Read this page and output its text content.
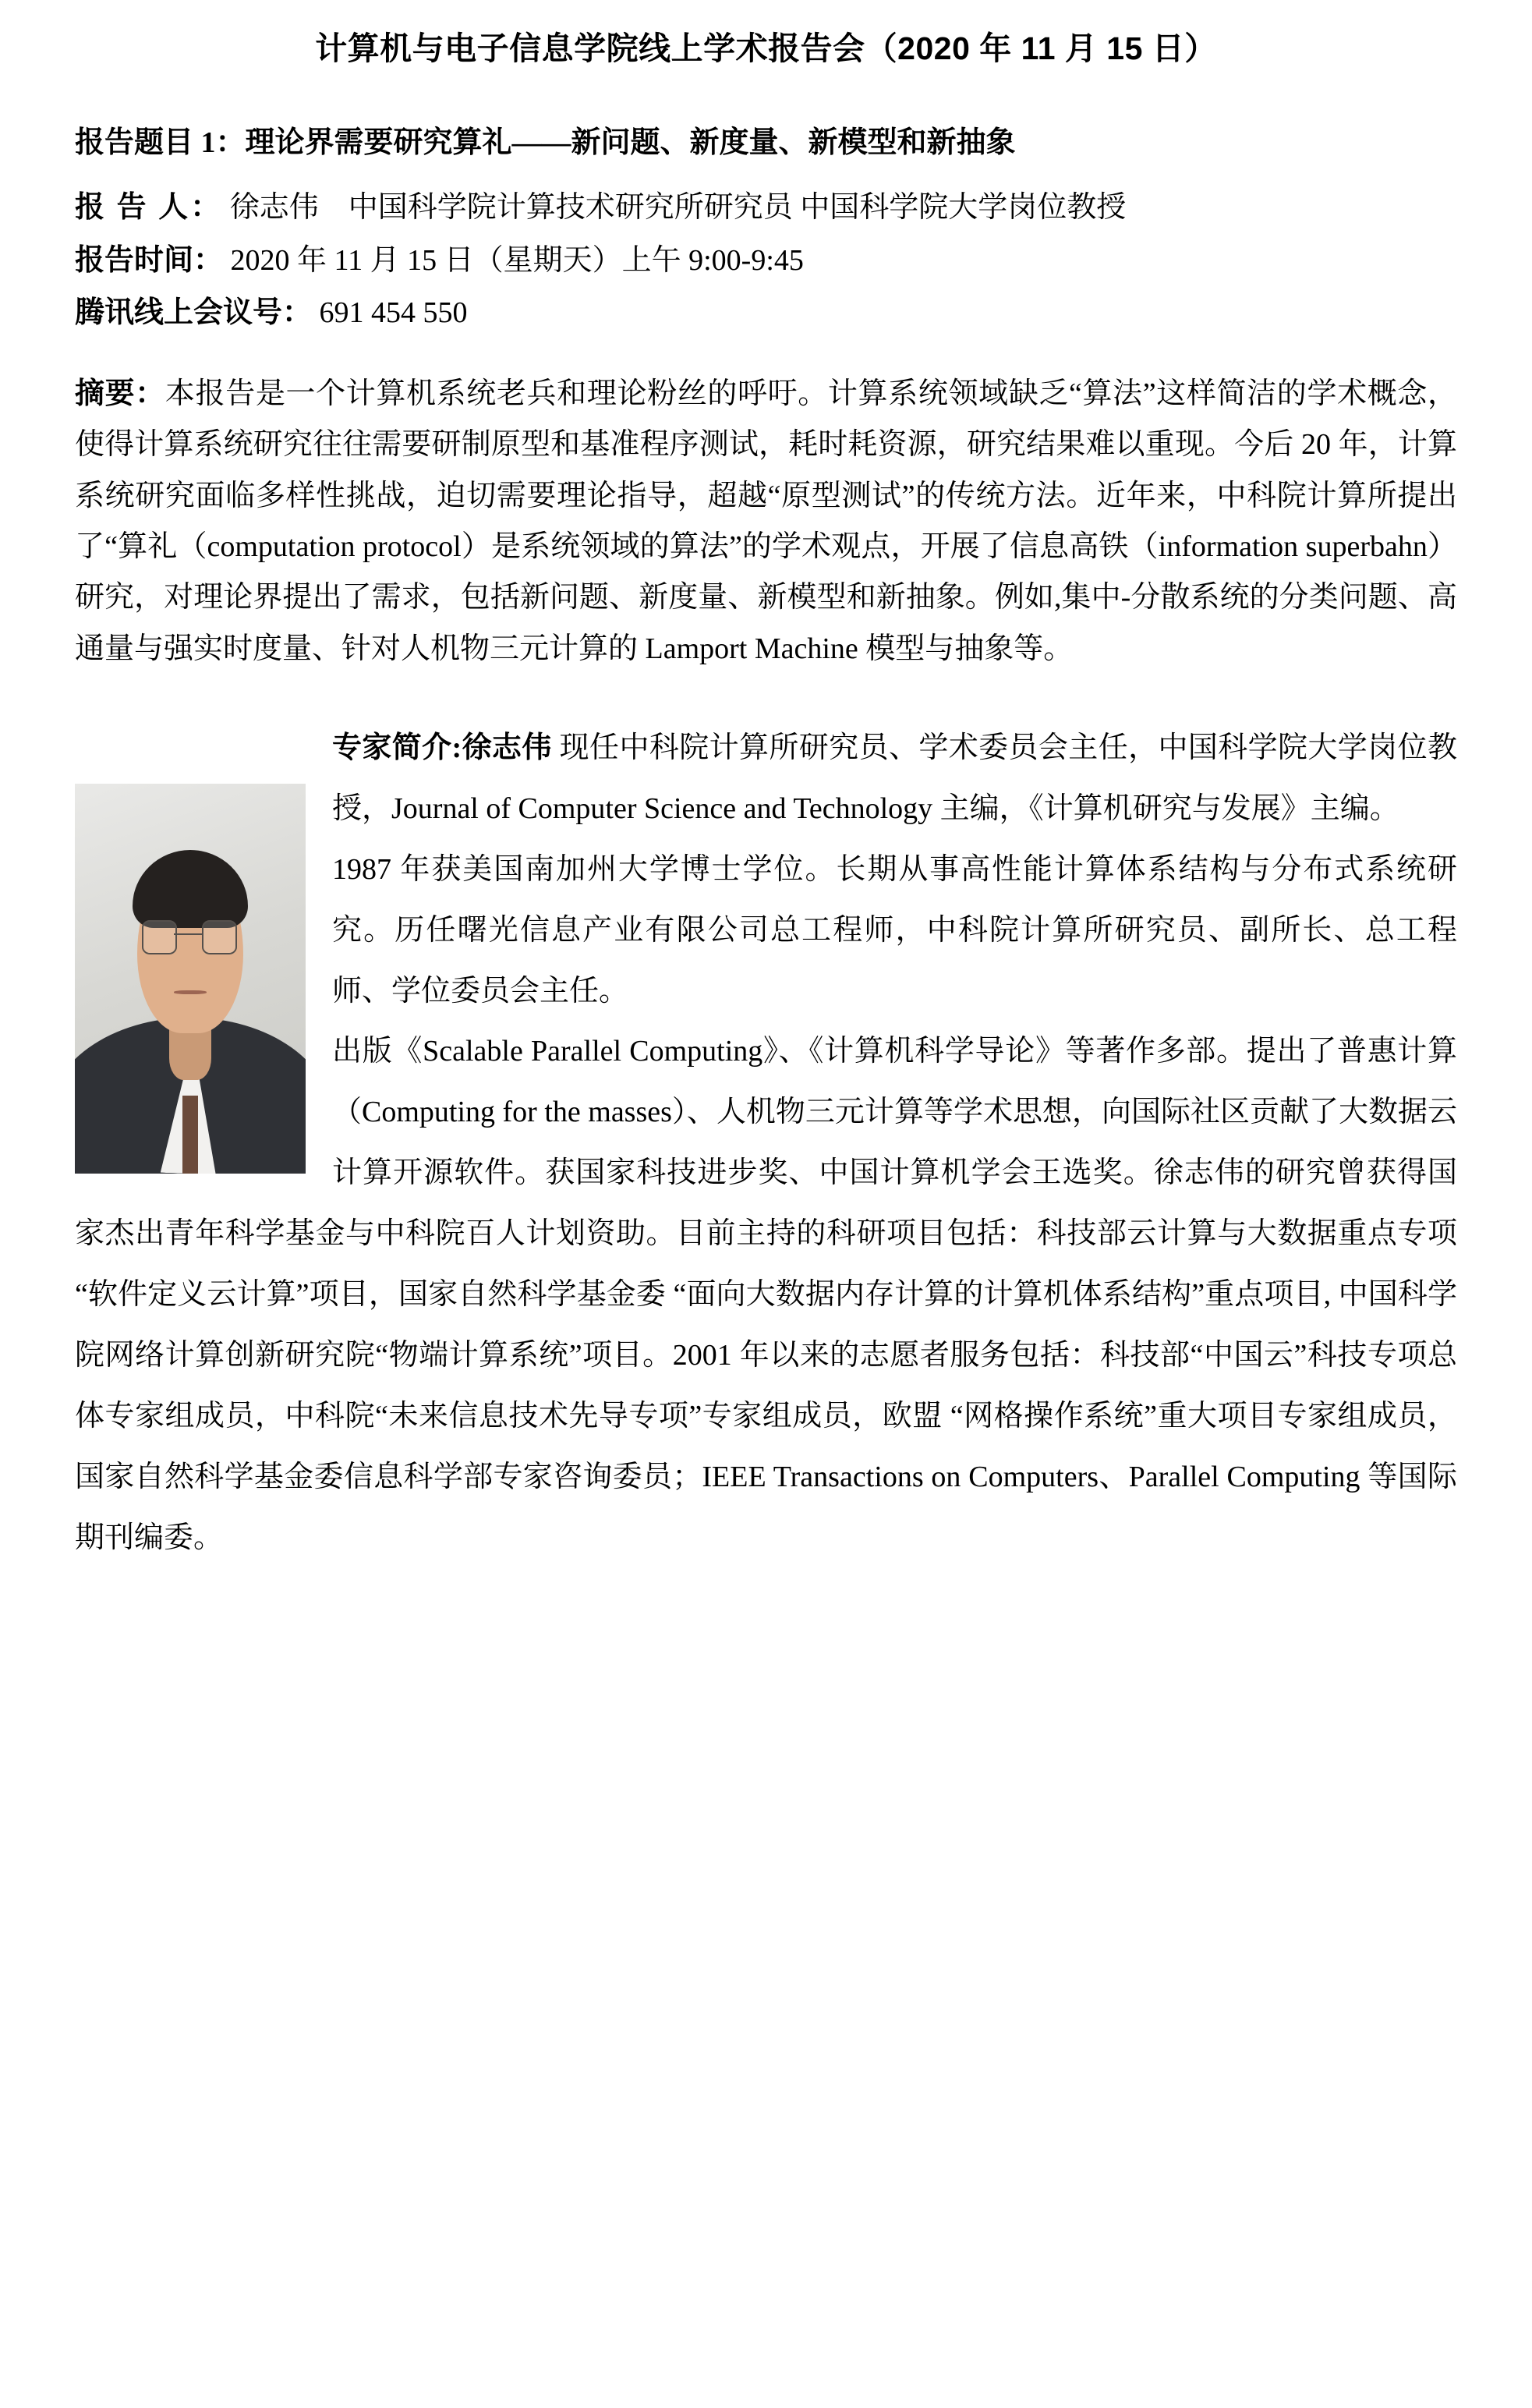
计算机与电子信息学院线上学术报告会（2020 年 11 月 15 日）

报告题目 1：理论界需要研究算礼——新问题、新度量、新模型和新抽象

报 告 人： 徐志伟　中国科学院计算技术研究所研究员 中国科学院大学岗位教授

报告时间： 2020 年 11 月 15 日（星期天）上午 9:00-9:45

腾讯线上会议号： 691 454 550

摘要：本报告是一个计算机系统老兵和理论粉丝的呼吁。计算系统领域缺乏“算法”这样简洁的学术概念，使得计算系统研究往往需要研制原型和基准程序测试，耗时耗资源，研究结果难以重现。今后 20 年，计算系统研究面临多样性挑战，迫切需要理论指导，超越“原型测试”的传统方法。近年来，中科院计算所提出了“算礼（computation protocol）是系统领域的算法”的学术观点，开展了信息高铁（information superbahn）研究，对理论界提出了需求，包括新问题、新度量、新模型和新抽象。例如,集中-分散系统的分类问题、高通量与强实时度量、针对人机物三元计算的 Lamport Machine 模型与抽象等。

专家简介:徐志伟 现任中科院计算所研究员、学术委员会主任，中国科学院大学岗位教授，Journal of Computer Science and Technology 主编，《计算机研究与发展》主编。

1987 年获美国南加州大学博士学位。长期从事高性能计算体系结构与分布式系统研究。历任曙光信息产业有限公司总工程师，中科院计算所研究员、副所长、总工程师、学位委员会主任。

出版《Scalable Parallel Computing》、《计算机科学导论》等著作多部。提出了普惠计算（Computing for the masses）、人机物三元计算等学术思想，向国际社区贡献了大数据云计算开源软件。获国家科技进步奖、中国计算机学会王选奖。徐志伟的研究曾获得国家杰出青年科学基金与中科院百人计划资助。目前主持的科研项目包括：科技部云计算与大数据重点专项“软件定义云计算”项目，国家自然科学基金委 “面向大数据内存计算的计算机体系结构”重点项目, 中国科学院网络计算创新研究院“物端计算系统”项目。2001 年以来的志愿者服务包括：科技部“中国云”科技专项总体专家组成员，中科院“未来信息技术先导专项”专家组成员，欧盟 “网格操作系统”重大项目专家组成员，国家自然科学基金委信息科学部专家咨询委员；IEEE Transactions on Computers、Parallel Computing 等国际期刊编委。
